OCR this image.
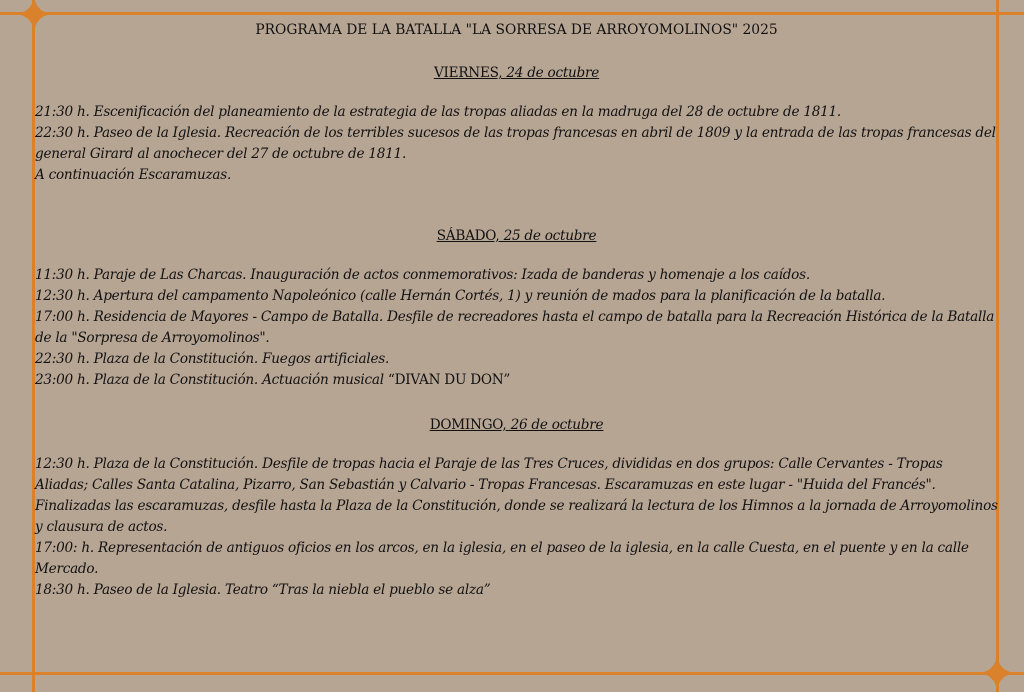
PROGRAMA DE LA BATALLA "LA SORRESA DE ARROYOMOLINOS" 2025

VIERNES, 24 de octubre

21:30 h. Escenificación del planeamiento de la estrategia de las tropas aliadas en la madruga del 28 de octubre de 1811.

22:30 h. Paseo de la Iglesia. Recreación de los terribles sucesos de las tropas francesas en abril de 1809 y la entrada de las tropas francesas del general Girard al anochecer del 27 de octubre de 1811.

A continuación Escaramuzas.

SÁBADO, 25 de octubre

11:30 h. Paraje de Las Charcas. Inauguración de actos conmemorativos: Izada de banderas y homenaje a los caídos.

12:30 h. Apertura del campamento Napoleónico (calle Hernán Cortés, 1) y reunión de mados para la planificación de la batalla.

17:00 h. Residencia de Mayores - Campo de Batalla. Desfile de recreadores hasta el campo de batalla para la Recreación Histórica de la Batalla de la "Sorpresa de Arroyomolinos".

22:30 h. Plaza de la Constitución. Fuegos artificiales.

23:00 h. Plaza de la Constitución. Actuación musical “DIVAN DU DON”

DOMINGO, 26 de octubre

12:30 h. Plaza de la Constitución. Desfile de tropas hacia el Paraje de las Tres Cruces, divididas en dos grupos: Calle Cervantes - Tropas Aliadas; Calles Santa Catalina, Pizarro, San Sebastián y Calvario - Tropas Francesas. Escaramuzas en este lugar - "Huida del Francés".

Finalizadas las escaramuzas, desfile hasta la Plaza de la Constitución, donde se realizará la lectura de los Himnos a la jornada de Arroyomolinos y clausura de actos.

17:00: h. Representación de antiguos oficios en los arcos, en la iglesia, en el paseo de la iglesia, en la calle Cuesta, en el puente y en la calle Mercado.

18:30 h. Paseo de la Iglesia. Teatro “Tras la niebla el pueblo se alza”
